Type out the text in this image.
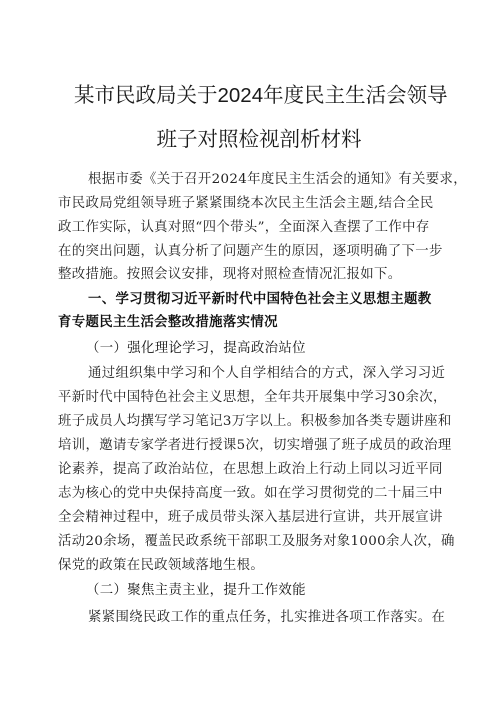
某市民政局关于2024年度民主生活会领导
班子对照检视剖析材料
根据市委《关于召开2024年度民主生活会的通知》有关要求，
市民政局党组领导班子紧紧围绕本次民主生活会主题,结合全民
政工作实际，认真对照“四个带头”，全面深入查摆了工作中存
在的突出问题，认真分析了问题产生的原因，逐项明确了下一步
整改措施。按照会议安排，现将对照检查情况汇报如下。
一、学习贯彻习近平新时代中国特色社会主义思想主题教
育专题民主生活会整改措施落实情况
（一）强化理论学习，提高政治站位
通过组织集中学习和个人自学相结合的方式，深入学习习近
平新时代中国特色社会主义思想，全年共开展集中学习30余次，
班子成员人均撰写学习笔记3万字以上。积极参加各类专题讲座和
培训，邀请专家学者进行授课5次，切实增强了班子成员的政治理
论素养，提高了政治站位，在思想上政治上行动上同以习近平同
志为核心的党中央保持高度一致。如在学习贯彻党的二十届三中
全会精神过程中，班子成员带头深入基层进行宣讲，共开展宣讲
活动20余场，覆盖民政系统干部职工及服务对象1000余人次，确
保党的政策在民政领域落地生根。
（二）聚焦主责主业，提升工作效能
紧紧围绕民政工作的重点任务，扎实推进各项工作落实。在
